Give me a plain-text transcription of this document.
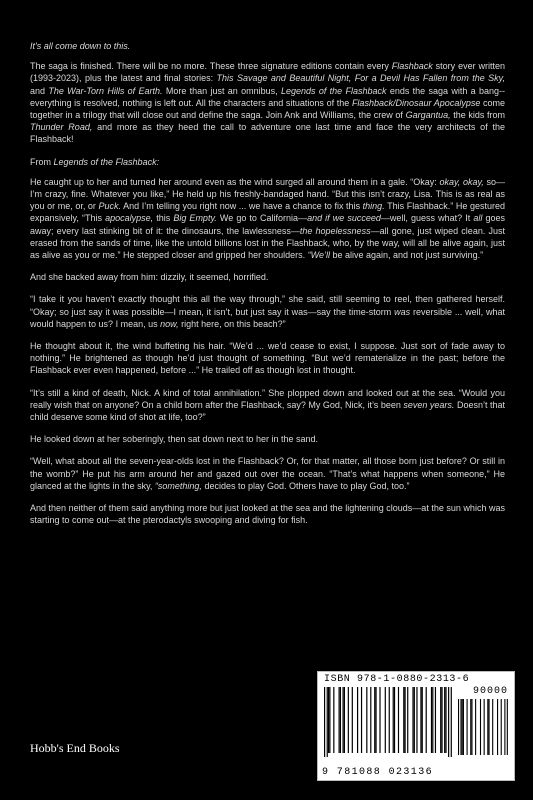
It's all come down to this.

The saga is finished. There will be no more. These three signature editions contain every Flashback story ever written (1993-2023), plus the latest and final stories: This Savage and Beautiful Night, For a Devil Has Fallen from the Sky, and The War-Torn Hills of Earth. More than just an omnibus, Legends of the Flashback ends the saga with a bang--everything is resolved, nothing is left out. All the characters and situations of the Flashback/Dinosaur Apocalypse come together in a trilogy that will close out and define the saga. Join Ank and Williams, the crew of Gargantua, the kids from Thunder Road, and more as they heed the call to adventure one last time and face the very architects of the Flashback!

From Legends of the Flashback:

He caught up to her and turned her around even as the wind surged all around them in a gale. “Okay: okay, okay, so—I’m crazy, fine. Whatever you like,” He held up his freshly-bandaged hand. “But this isn’t crazy, Lisa. This is as real as you or me, or, or Puck. And I’m telling you right now ... we have a chance to fix this thing. This Flashback.” He gestured expansively, “This apocalypse, this Big Empty. We go to California—and if we succeed—well, guess what? It all goes away; every last stinking bit of it: the dinosaurs, the lawlessness—the hopelessness—all gone, just wiped clean. Just erased from the sands of time, like the untold billions lost in the Flashback, who, by the way, will all be alive again, just as alive as you or me.” He stepped closer and gripped her shoulders. “We’ll be alive again, and not just surviving.”

And she backed away from him: dizzily, it seemed, horrified.

“I take it you haven’t exactly thought this all the way through,” she said, still seeming to reel, then gathered herself. “Okay; so just say it was possible—I mean, it isn’t, but just say it was—say the time-storm was reversible ... well, what would happen to us? I mean, us now, right here, on this beach?”

He thought about it, the wind buffeting his hair. “We’d ... we’d cease to exist, I suppose. Just sort of fade away to nothing.” He brightened as though he’d just thought of something. “But we’d rematerialize in the past; before the Flashback ever even happened, before ...” He trailed off as though lost in thought.

“It’s still a kind of death, Nick. A kind of total annihilation.” She plopped down and looked out at the sea. “Would you really wish that on anyone? On a child born after the Flashback, say? My God, Nick, it’s been seven years. Doesn’t that child deserve some kind of shot at life, too?”

He looked down at her soberingly, then sat down next to her in the sand.

“Well, what about all the seven-year-olds lost in the Flashback? Or, for that matter, all those born just before? Or still in the womb?” He put his arm around her and gazed out over the ocean. “That’s what happens when someone,” He glanced at the lights in the sky, “something, decides to play God. Others have to play God, too.”

And then neither of them said anything more but just looked at the sea and the lightening clouds—at the sun which was starting to come out—at the pterodactyls swooping and diving for fish.

Hobb's End Books
ISBN 978-1-0880-2313-6
90000
9 781088 023136
